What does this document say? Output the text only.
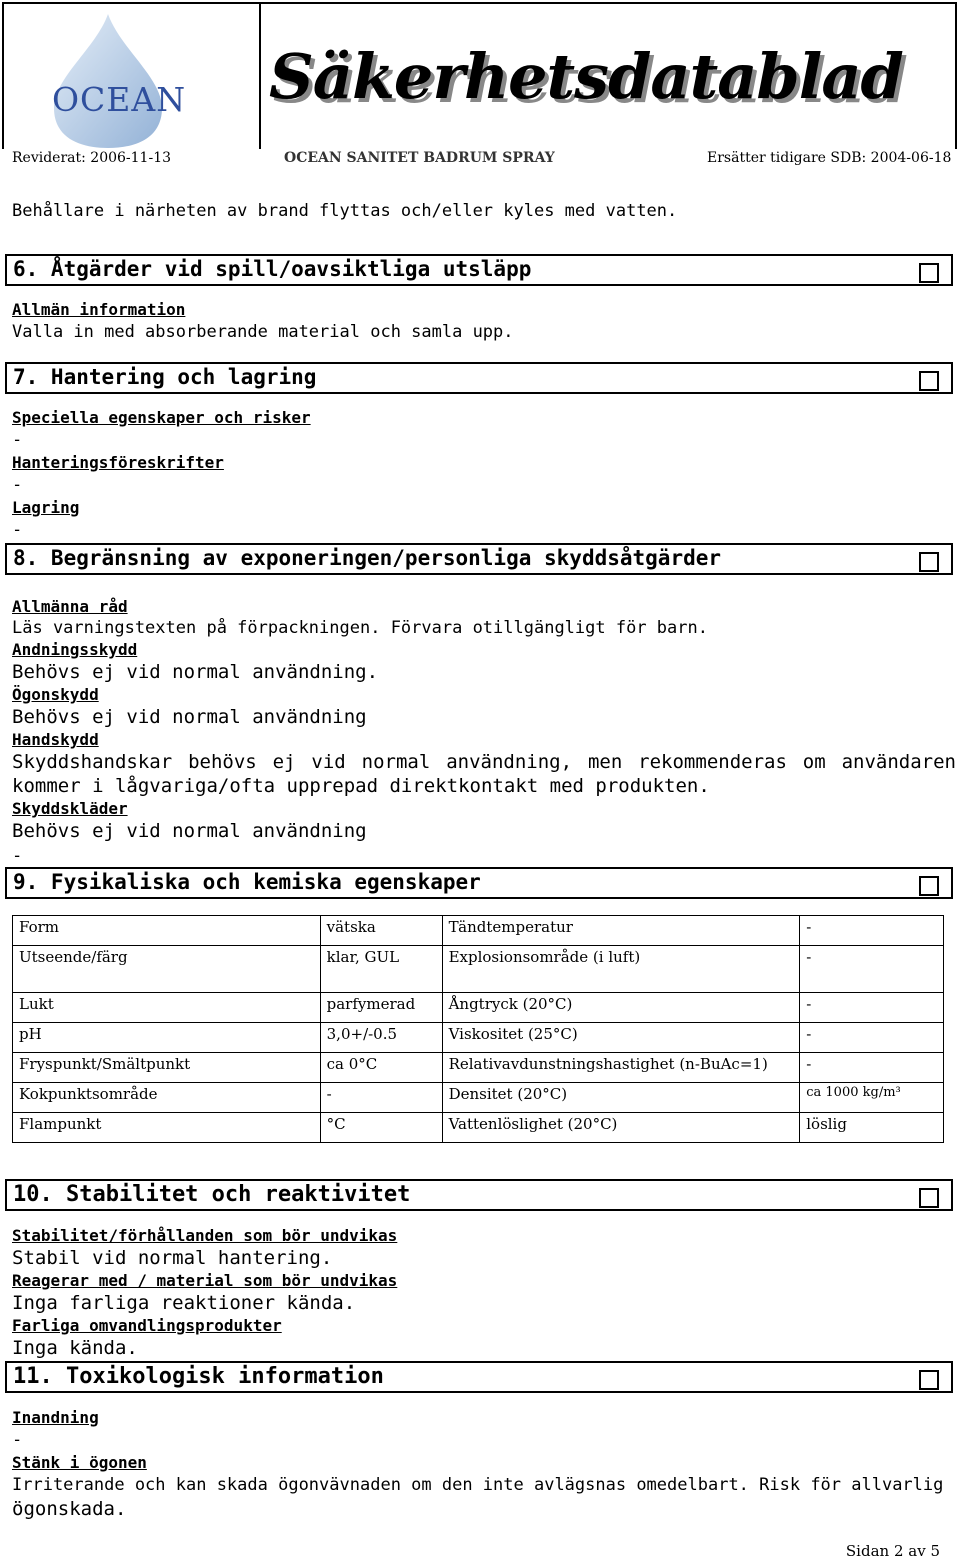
OCEAN Säkerhetsdatablad
Reviderat: 2006-11-13	OCEAN SANITET BADRUM SPRAY	Ersätter tidigare SDB: 2004-06-18
Behållare i närheten av brand flyttas och/eller kyles med vatten.
6. Åtgärder vid spill/oavsiktliga utsläpp
Allmän information
Valla in med absorberande material och samla upp.
7. Hantering och lagring
Speciella egenskaper och risker
-
Hanteringsföreskrifter
-
Lagring
-
8. Begränsning av exponeringen/personliga skyddsåtgärder
Allmänna råd
Läs varningstexten på förpackningen. Förvara otillgängligt för barn.
Andningsskydd
Behövs ej vid normal användning.
Ögonskydd
Behövs ej vid normal användning
Handskydd
Skyddshandskar behövs ej vid normal användning, men rekommenderas om användaren kommer i lågvariga/ofta upprepad direktkontakt med produkten.
Skyddskläder
Behövs ej vid normal användning
-
9. Fysikaliska och kemiska egenskaper
Form	vätska	Tändtemperatur	-
Utseende/färg	klar, GUL	Explosionsområde (i luft)	-
Lukt	parfymerad	Ångtryck (20°C)	-
pH	3,0+/-0.5	Viskositet (25°C)	-
Fryspunkt/Smältpunkt	ca 0°C	Relativavdunstningshastighet (n-BuAc=1)	-
Kokpunktsområde	-	Densitet (20°C)	ca 1000 kg/m³
Flampunkt	°C	Vattenlöslighet (20°C)	löslig
10. Stabilitet och reaktivitet
Stabilitet/förhållanden som bör undvikas
Stabil vid normal hantering.
Reagerar med / material som bör undvikas
Inga farliga reaktioner kända.
Farliga omvandlingsprodukter
Inga kända.
11. Toxikologisk information
Inandning
-
Stänk i ögonen
Irriterande och kan skada ögonvävnaden om den inte avlägsnas omedelbart. Risk för allvarlig
ögonskada.
Sidan 2 av 5
